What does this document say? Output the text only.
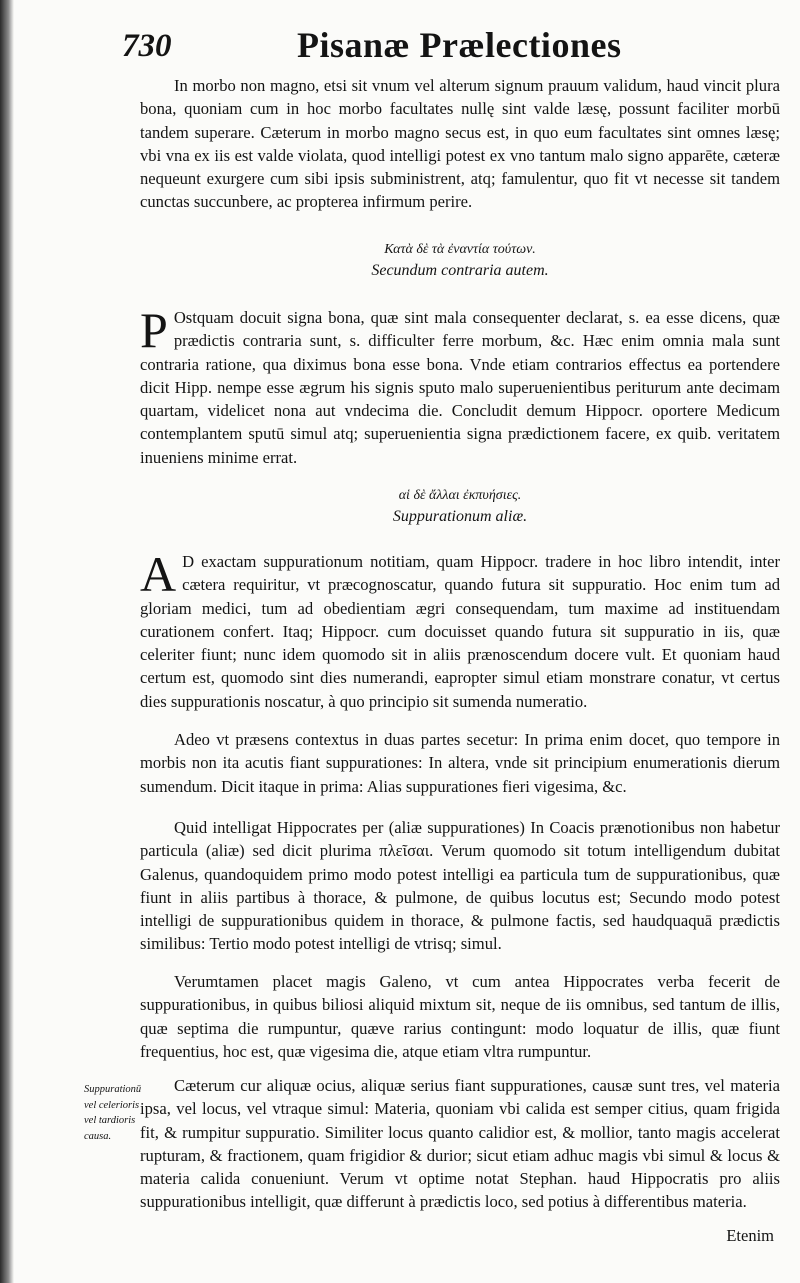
730	Pisanæ Prælectiones

In morbo non magno, etsi sit vnum vel alterum signum prauum validum, haud vincit plura bona, quoniam cum in hoc morbo facultates nullę sint valde læsę, possunt faciliter morbū tandem superare. Cæterum in morbo magno secus est, in quo eum facultates sint omnes læsę; vbi vna ex iis est valde violata, quod intelligi potest ex vno tantum malo signo apparēte, cæteræ nequeunt exurgere cum sibi ipsis subministrent, atq; famulentur, quo fit vt necesse sit tandem cunctas succunbere, ac propterea infirmum perire.

Κατὰ δὲ τὰ ἐναντία τούτων.

Secundum contraria autem.

P Ostquam docuit signa bona, quæ sint mala consequenter declarat, s. ea esse dicens, quæ prædictis contraria sunt, s. difficulter ferre morbum, &c. Hæc enim omnia mala sunt contraria ratione, qua diximus bona esse bona. Vnde etiam contrarios effectus ea portendere dicit Hipp. nempe esse ægrum his signis sputo malo superuenientibus periturum ante decimam quartam, videlicet nona aut vndecima die. Concludit demum Hippocr. oportere Medicum contemplantem sputū simul atq; superuenientia signa prædictionem facere, ex quib. veritatem inueniens minime errat.

αἱ δὲ ἄλλαι ἐκπυήσιες.

Suppurationum aliæ.

A D exactam suppurationum notitiam, quam Hippocr. tradere in hoc libro intendit, inter cætera requiritur, vt præcognoscatur, quando futura sit suppuratio. Hoc enim tum ad gloriam medici, tum ad obedientiam ægri consequendam, tum maxime ad instituendam curationem confert. Itaq; Hippocr. cum docuisset quando futura sit suppuratio in iis, quæ celeriter fiunt; nunc idem quomodo sit in aliis prænoscendum docere vult. Et quoniam haud certum est, quomodo sint dies numerandi, eapropter simul etiam monstrare conatur, vt certus dies suppurationis noscatur, à quo principio sit sumenda numeratio.

Adeo vt præsens contextus in duas partes secetur: In prima enim docet, quo tempore in morbis non ita acutis fiant suppurationes: In altera, vnde sit principium enumerationis dierum sumendum. Dicit itaque in prima: Alias suppurationes fieri vigesima, &c.

Quid intelligat Hippocrates per (aliæ suppurationes) In Coacis prænotionibus non habetur particula (aliæ) sed dicit plurima πλεῖσαι. Verum quomodo sit totum intelligendum dubitat Galenus, quandoquidem primo modo potest intelligi ea particula tum de suppurationibus, quæ fiunt in aliis partibus à thorace, & pulmone, de quibus locutus est; Secundo modo potest intelligi de suppurationibus quidem in thorace, & pulmone factis, sed haudquaquā prædictis similibus: Tertio modo potest intelligi de vtrisq; simul.

Verumtamen placet magis Galeno, vt cum antea Hippocrates verba fecerit de suppurationibus, in quibus biliosi aliquid mixtum sit, neque de iis omnibus, sed tantum de illis, quæ septima die rumpuntur, quæve rarius contingunt: modo loquatur de illis, quæ fiunt frequentius, hoc est, quæ vigesima die, atque etiam vltra rumpuntur.

Cæterum cur aliquæ ocius, aliquæ serius fiant suppurationes, causæ sunt tres, vel materia ipsa, vel locus, vel vtraque simul: Materia, quoniam vbi calida est semper citius, quam frigida fit, & rumpitur suppuratio. Similiter locus quanto calidior est, & mollior, tanto magis accelerat rupturam, & fractionem, quam frigidior & durior; sicut etiam adhuc magis vbi simul & locus & materia calida conueniunt. Verum vt optime notat Stephan. haud Hippocratis pro aliis suppurationibus intelligit, quæ differunt à prædictis loco, sed potius à differentibus materia.

Suppurationū vel celerioris vel tardioris causa.
Etenim
